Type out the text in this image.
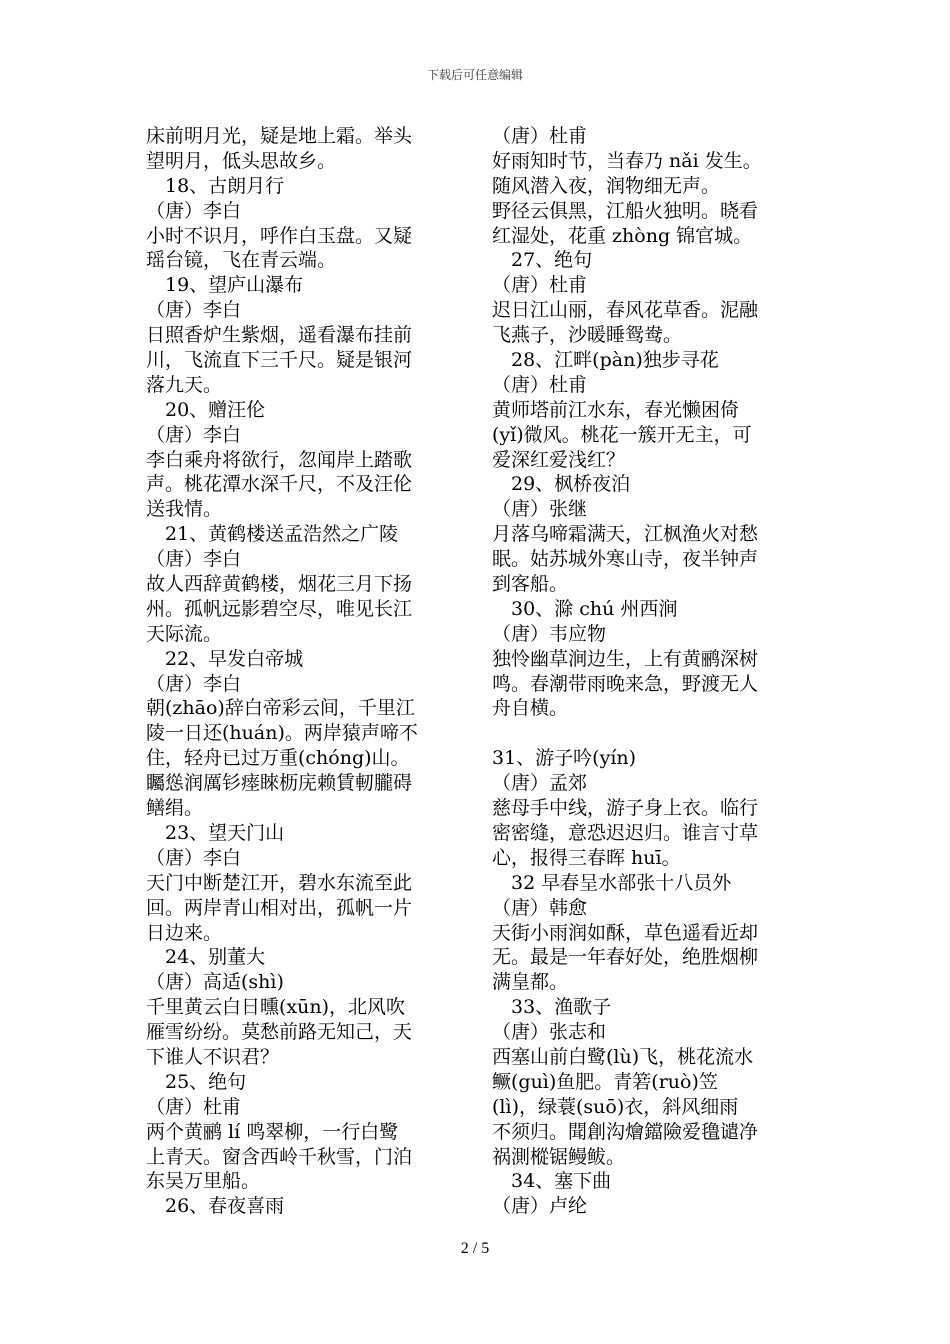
下载后可任意编辑
床前明月光，疑是地上霜。举头
望明月，低头思故乡。
18、古朗月行
（唐）李白
小时不识月，呼作白玉盘。又疑
瑶台镜，飞在青云端。
19、望庐山瀑布
（唐）李白
日照香炉生紫烟，遥看瀑布挂前
川，飞流直下三千尺。疑是银河
落九天。
20、赠汪伦
（唐）李白
李白乘舟将欲行，忽闻岸上踏歌
声。桃花潭水深千尺，不及汪伦
送我情。
21、黄鹤楼送孟浩然之广陵
（唐）李白
故人西辞黄鹤楼，烟花三月下扬
州。孤帆远影碧空尽，唯见长江
天际流。
22、早发白帝城
（唐）李白
朝(zhāo)辞白帝彩云间，千里江
陵一日还(huán)。两岸猿声啼不
住，轻舟已过万重(chóng)山。
矚慫润厲钐瘗睞枥庑赖賃軔朧碍
鳝绢。
23、望天门山
（唐）李白
天门中断楚江开，碧水东流至此
回。两岸青山相对出，孤帆一片
日边来。
24、别董大
（唐）高适(shì)
千里黄云白日曛(xūn)，北风吹
雁雪纷纷。莫愁前路无知己，天
下谁人不识君？
25、绝句
（唐）杜甫
两个黄鹂 lí 鸣翠柳，一行白鹭
上青天。窗含西岭千秋雪，门泊
东吴万里船。
26、春夜喜雨
（唐）杜甫
好雨知时节，当春乃 nǎi 发生。
随风潜入夜，润物细无声。
野径云俱黑，江船火独明。晓看
红湿处，花重 zhòng 锦官城。
27、绝句
（唐）杜甫
迟日江山丽，春风花草香。泥融
飞燕子，沙暖睡鸳鸯。
28、江畔(pàn)独步寻花
（唐）杜甫
黄师塔前江水东，春光懒困倚
(yǐ)微风。桃花一簇开无主，可
爱深红爱浅红？
29、枫桥夜泊
（唐）张继
月落乌啼霜满天，江枫渔火对愁
眠。姑苏城外寒山寺，夜半钟声
到客船。
30、滁 chú 州西涧
（唐）韦应物
独怜幽草涧边生，上有黄鹂深树
鸣。春潮带雨晚来急，野渡无人
舟自横。
31、游子吟(yín)
（唐）孟郊
慈母手中线，游子身上衣。临行
密密缝，意恐迟迟归。谁言寸草
心，报得三春晖 huī。
32 早春呈水部张十八员外
（唐）韩愈
天街小雨润如酥，草色遥看近却
无。最是一年春好处，绝胜烟柳
满皇都。
33、渔歌子
（唐）张志和
西塞山前白鹭(lù)飞，桃花流水
鳜(guì)鱼肥。青箬(ruò)笠
(lì)，绿蓑(suō)衣，斜风细雨
不须归。聞創沟燴鐺險爱氇谴净
祸測樅锯鳗鲅。
34、塞下曲
（唐）卢纶
2 / 5
